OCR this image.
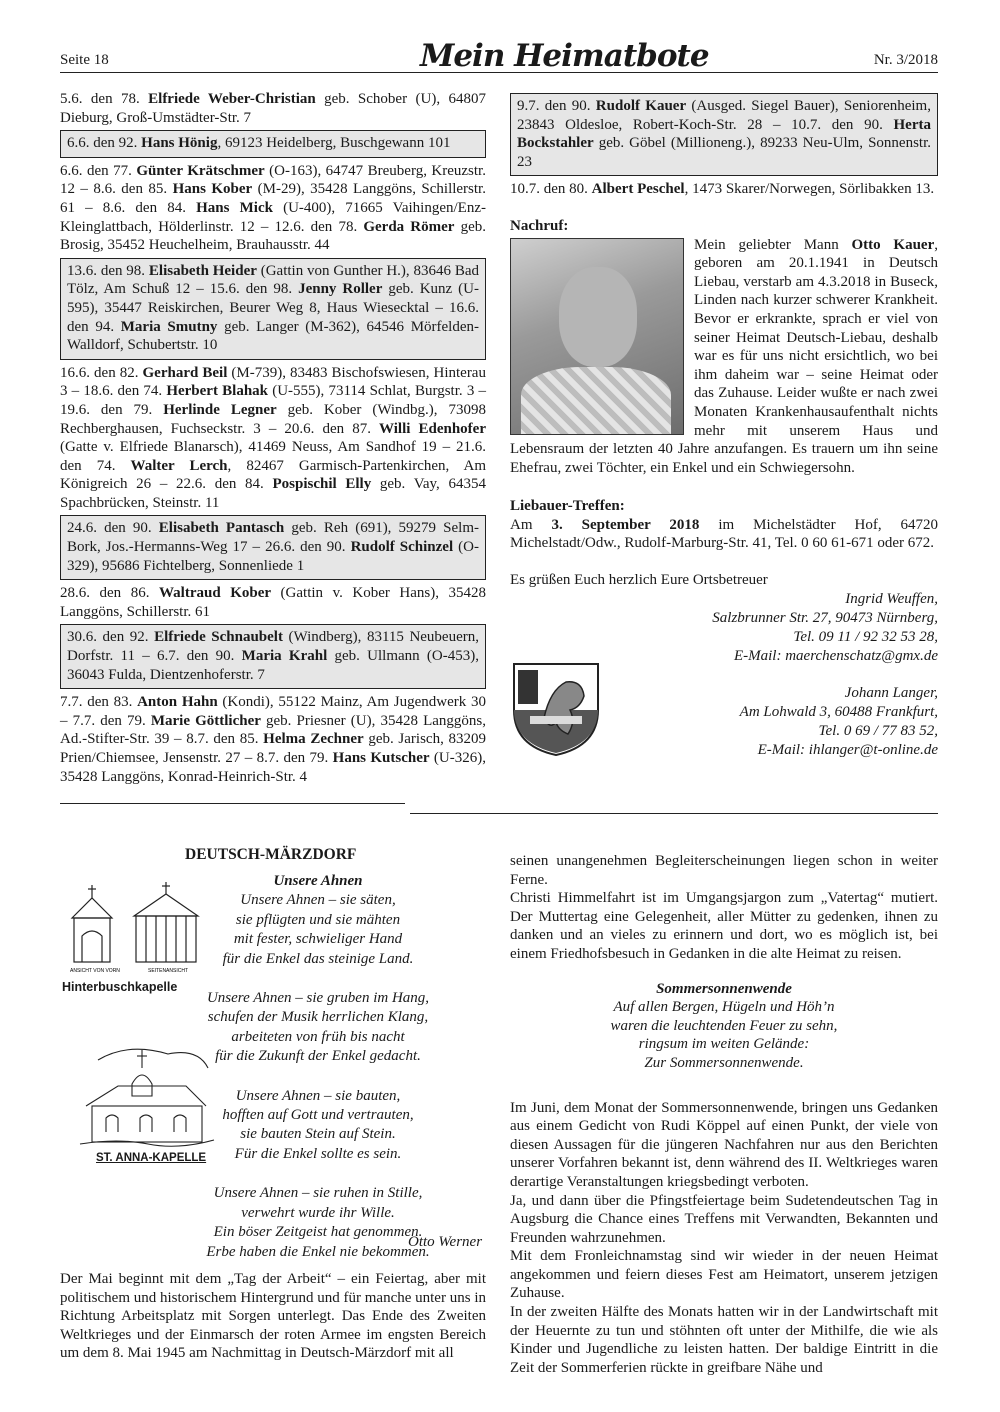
Seite 18	Mein Heimatbote	Nr. 3/2018

5.6. den 78. Elfriede Weber-Christian geb. Schober (U), 64807 Dieburg, Groß-Umstädter-Str. 7

6.6. den 92. Hans Hönig, 69123 Heidelberg, Buschgewann 101

6.6. den 77. Günter Krätschmer (O-163), 64747 Breuberg, Kreuzstr. 12 – 8.6. den 85. Hans Kober (M-29), 35428 Langgöns, Schillerstr. 61 – 8.6. den 84. Hans Mick (U-400), 71665 Vaihingen/Enz-Kleinglattbach, Hölderlinstr. 12 – 12.6. den 78. Gerda Römer geb. Brosig, 35452 Heuchelheim, Brauhausstr. 44

13.6. den 98. Elisabeth Heider (Gattin von Gunther H.), 83646 Bad Tölz, Am Schuß 12 – 15.6. den 98. Jenny Roller geb. Kunz (U-595), 35447 Reiskirchen, Beurer Weg 8, Haus Wiesecktal – 16.6. den 94. Maria Smutny geb. Langer (M-362), 64546 Mörfelden-Walldorf, Schubertstr. 10

16.6. den 82. Gerhard Beil (M-739), 83483 Bischofswiesen, Hinterau 3 – 18.6. den 74. Herbert Blahak (U-555), 73114 Schlat, Burgstr. 3 – 19.6. den 79. Herlinde Legner geb. Kober (Windbg.), 73098 Rechberghausen, Fuchseckstr. 3 – 20.6. den 87. Willi Edenhofer (Gatte v. Elfriede Blanarsch), 41469 Neuss, Am Sandhof 19 – 21.6. den 74. Walter Lerch, 82467 Garmisch-Partenkirchen, Am Königreich 26 – 22.6. den 84. Pospischil Elly geb. Vay, 64354 Spachbrücken, Steinstr. 11

24.6. den 90. Elisabeth Pantasch geb. Reh (691), 59279 Selm-Bork, Jos.-Hermanns-Weg 17 – 26.6. den 90. Rudolf Schinzel (O-329), 95686 Fichtelberg, Sonnenliede 1

28.6. den 86. Waltraud Kober (Gattin v. Kober Hans), 35428 Langgöns, Schillerstr. 61

30.6. den 92. Elfriede Schnaubelt (Windberg), 83115 Neubeuern, Dorfstr. 11 – 6.7. den 90. Maria Krahl geb. Ullmann (O-453), 36043 Fulda, Dientzenhoferstr. 7

7.7. den 83. Anton Hahn (Kondi), 55122 Mainz, Am Jugendwerk 30 – 7.7. den 79. Marie Göttlicher geb. Priesner (U), 35428 Langgöns, Ad.-Stifter-Str. 39 – 8.7. den 85. Helma Zechner geb. Jarisch, 83209 Prien/Chiemsee, Jensenstr. 27 – 8.7. den 79. Hans Kutscher (U-326), 35428 Langgöns, Konrad-Heinrich-Str. 4

9.7. den 90. Rudolf Kauer (Ausged. Siegel Bauer), Seniorenheim, 23843 Oldesloe, Robert-Koch-Str. 28 – 10.7. den 90. Herta Bockstahler geb. Göbel (Millioneng.), 89233 Neu-Ulm, Sonnenstr. 23

10.7. den 80. Albert Peschel, 1473 Skarer/Norwegen, Sörlibakken 13.

Nachruf:

Mein geliebter Mann Otto Kauer, geboren am 20.1.1941 in Deutsch Liebau, verstarb am 4.3.2018 in Buseck, Linden nach kurzer schwerer Krankheit. Bevor er erkrankte, sprach er viel von seiner Heimat Deutsch-Liebau, deshalb war es für uns nicht ersichtlich, wo bei ihm daheim war – seine Heimat oder das Zuhause. Leider wußte er nach zwei Monaten Krankenhausaufenthalt nichts mehr mit unserem Haus und Lebensraum der letzten 40 Jahre anzufangen. Es trauern um ihn seine Ehefrau, zwei Töchter, ein Enkel und ein Schwiegersohn.

Liebauer-Treffen:

Am 3. September 2018 im Michelstädter Hof, 64720 Michelstadt/Odw., Rudolf-Marburg-Str. 41, Tel. 0 60 61-671 oder 672.

Es grüßen Euch herzlich Eure Ortsbetreuer

Ingrid Weuffen,
Salzbrunner Str. 27, 90473 Nürnberg,
Tel. 09 11 / 92 32 53 28,
E-Mail: maerchenschatz@gmx.de
Johann Langer,
Am Lohwald 3, 60488 Frankfurt,
Tel. 0 69 / 77 83 52,
E-Mail: ihlanger@t-online.de
DEUTSCH-MÄRZDORF
ANSICHT VON VORN	SEITENANSICHT
Hinterbuschkapelle
ST. ANNA-KAPELLE
Unsere Ahnen
Unsere Ahnen – sie säten,
sie pflügten und sie mähten
mit fester, schwieliger Hand
für die Enkel das steinige Land.
Unsere Ahnen – sie gruben im Hang,
schufen der Musik herrlichen Klang,
arbeiteten von früh bis nacht
für die Zukunft der Enkel gedacht.
Unsere Ahnen – sie bauten,
hofften auf Gott und vertrauten,
sie bauten Stein auf Stein.
Für die Enkel sollte es sein.
Unsere Ahnen – sie ruhen in Stille,
verwehrt wurde ihr Wille.
Ein böser Zeitgeist hat genommen.
Erbe haben die Enkel nie bekommen.
Otto Werner

Der Mai beginnt mit dem „Tag der Arbeit“ – ein Feiertag, aber mit politischem und historischem Hintergrund und für manche unter uns in Richtung Arbeitsplatz mit Sorgen unterlegt. Das Ende des Zweiten Weltkrieges und der Einmarsch der roten Armee im engsten Bereich um dem 8. Mai 1945 am Nachmittag in Deutsch-Märzdorf mit all

seinen unangenehmen Begleiterscheinungen liegen schon in weiter Ferne.

Christi Himmelfahrt ist im Umgangsjargon zum „Vatertag“ mutiert. Der Muttertag eine Gelegenheit, aller Mütter zu gedenken, ihnen zu danken und an vieles zu erinnern und dort, wo es möglich ist, bei einem Friedhofsbesuch in Gedanken in die alte Heimat zu reisen.

Sommersonnenwende
Auf allen Bergen, Hügeln und Höh’n
waren die leuchtenden Feuer zu sehn,
ringsum im weiten Gelände:
Zur Sommersonnenwende.

Im Juni, dem Monat der Sommersonnenwende, bringen uns Gedanken aus einem Gedicht von Rudi Köppel auf einen Punkt, der viele von diesen Aussagen für die jüngeren Nachfahren nur aus den Berichten unserer Vorfahren bekannt ist, denn während des II. Weltkrieges waren derartige Veranstaltungen kriegsbedingt verboten.

Ja, und dann über die Pfingstfeiertage beim Sudetendeutschen Tag in Augsburg die Chance eines Treffens mit Verwandten, Bekannten und Freunden wahrzunehmen.

Mit dem Fronleichnamstag sind wir wieder in der neuen Heimat angekommen und feiern dieses Fest am Heimatort, unserem jetzigen Zuhause.

In der zweiten Hälfte des Monats hatten wir in der Landwirtschaft mit der Heuernte zu tun und stöhnten oft unter der Mithilfe, die wie als Kinder und Jugendliche zu leisten hatten. Der baldige Eintritt in die Zeit der Sommerferien rückte in greifbare Nähe und
